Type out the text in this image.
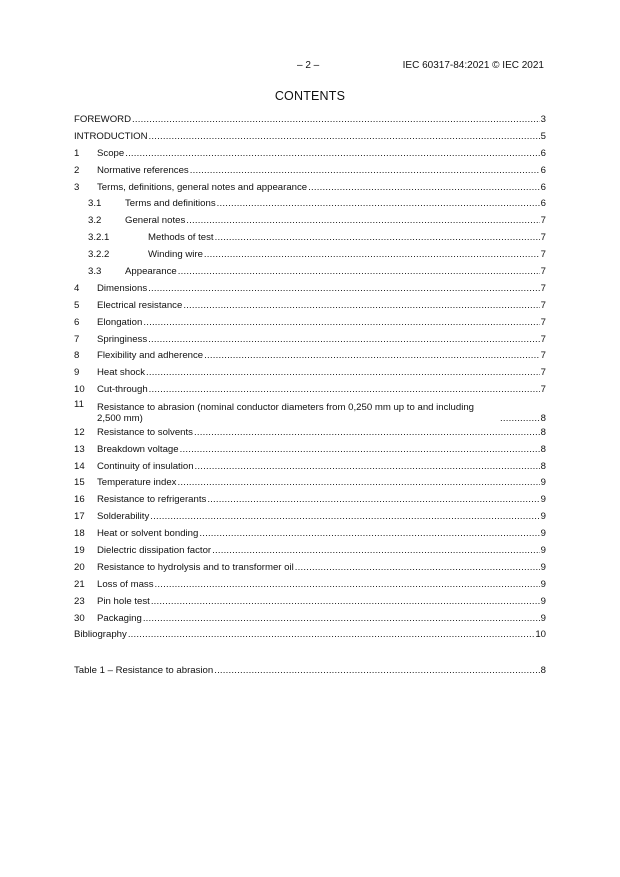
– 2 –	IEC 60317-84:2021 © IEC 2021
CONTENTS
FOREWORD .....	3
INTRODUCTION .....	5
1	Scope .....	6
2	Normative references .....	6
3	Terms, definitions, general notes and appearance .....	6
3.1	Terms and definitions .....	6
3.2	General notes .....	7
3.2.1	Methods of test .....	7
3.2.2	Winding wire .....	7
3.3	Appearance .....	7
4	Dimensions .....	7
5	Electrical resistance .....	7
6	Elongation .....	7
7	Springiness .....	7
8	Flexibility and adherence .....	7
9	Heat shock .....	7
10	Cut-through .....	7
11	Resistance to abrasion (nominal conductor diameters from 0,250 mm up to and including 2,500 mm) .....	8
12	Resistance to solvents .....	8
13	Breakdown voltage .....	8
14	Continuity of insulation .....	8
15	Temperature index .....	9
16	Resistance to refrigerants .....	9
17	Solderability .....	9
18	Heat or solvent bonding .....	9
19	Dielectric dissipation factor .....	9
20	Resistance to hydrolysis and to transformer oil .....	9
21	Loss of mass .....	9
23	Pin hole test .....	9
30	Packaging .....	9
Bibliography .....	10
Table 1 – Resistance to abrasion .....	8
